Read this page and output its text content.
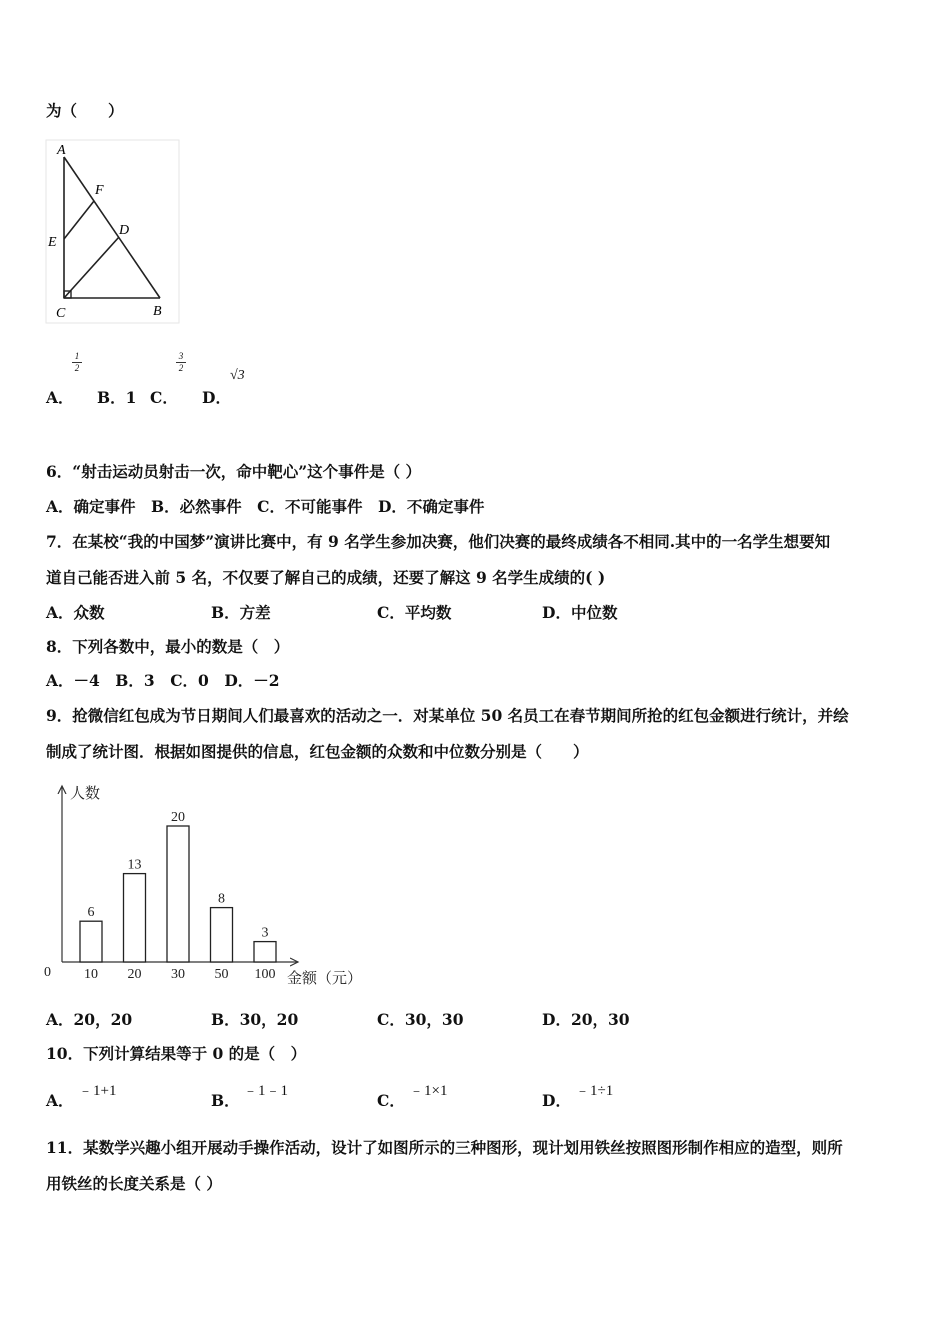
为（　　）
A
F
E
D
C	B
1
2
3
2	√3
A． B．1 C． D．
6．“射击运动员射击一次，命中靶心”这个事件是（ ）
A．确定事件　B．必然事件　C．不可能事件　D．不确定事件
7．在某校“我的中国梦”演讲比赛中，有 9 名学生参加决赛，他们决赛的最终成绩各不相同.其中的一名学生想要知
道自己能否进入前 5 名，不仅要了解自己的成绩，还要了解这 9 名学生成绩的( )
A．众数	B．方差	C．平均数	D．中位数
8．下列各数中，最小的数是（　）
A．－4　B．3　C．0　D．－2
9．抢微信红包成为节日期间人们最喜欢的活动之一．对某单位 50 名员工在春节期间所抢的红包金额进行统计，并绘
制成了统计图．根据如图提供的信息，红包金额的众数和中位数分别是（　　）
人数
金额（元）
0
6
10
13
20
20
30
8
50
3
100
A．20，20	B．30，20	C．30，30	D．20，30
10．下列计算结果等于 0 的是（　）
A． ﹣1+1	B． ﹣1﹣1	C． ﹣1×1	D． ﹣1÷1
11．某数学兴趣小组开展动手操作活动，设计了如图所示的三种图形，现计划用铁丝按照图形制作相应的造型，则所
用铁丝的长度关系是（ ）
